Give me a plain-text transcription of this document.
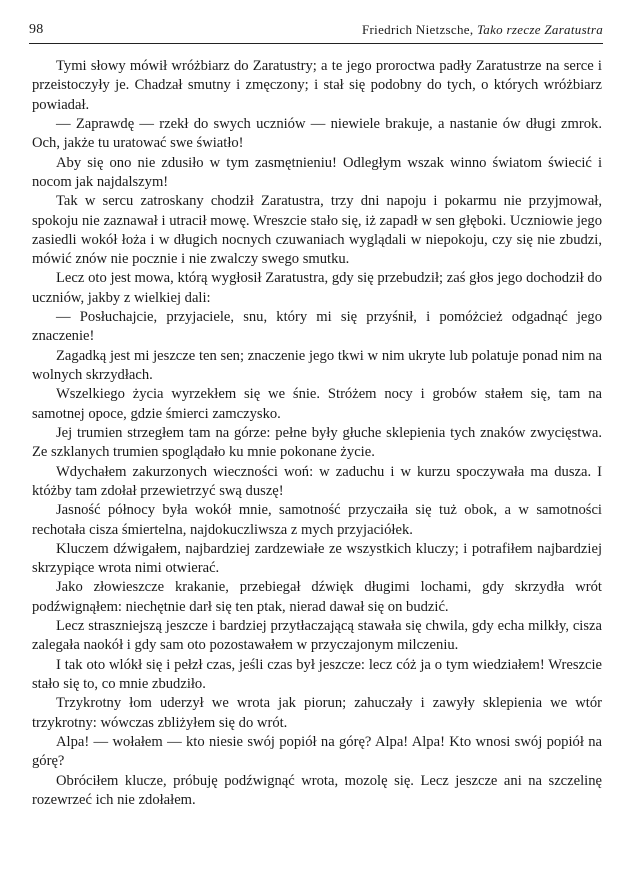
98	Friedrich Nietzsche, Tako rzecze Zaratustra

Tymi słowy mówił wróżbiarz do Zaratustry; a te jego proroctwa padły Zaratustrze na serce i przeistoczyły je. Chadzał smutny i zmęczony; i stał się podobny do tych, o których wróżbiarz powiadał.

— Zaprawdę — rzekł do swych uczniów — niewiele brakuje, a nastanie ów długi zmrok. Och, jakże tu uratować swe światło!

Aby się ono nie zdusiło w tym zasmętnieniu! Odległym wszak winno światom świecić i nocom jak najdalszym!

Tak w sercu zatroskany chodził Zaratustra, trzy dni napoju i pokarmu nie przyjmował, spokoju nie zaznawał i utracił mowę. Wreszcie stało się, iż zapadł w sen głęboki. Uczniowie jego zasiedli wokół łoża i w długich nocnych czuwaniach wyglądali w niepokoju, czy się nie zbudzi, mówić znów nie pocznie i nie zwalczy swego smutku.

Lecz oto jest mowa, którą wygłosił Zaratustra, gdy się przebudził; zaś głos jego dochodził do uczniów, jakby z wielkiej dali:

— Posłuchajcie, przyjaciele, snu, który mi się przyśnił, i pomóżcież odgadnąć jego znaczenie!

Zagadką jest mi jeszcze ten sen; znaczenie jego tkwi w nim ukryte lub polatuje ponad nim na wolnych skrzydłach.

Wszelkiego życia wyrzekłem się we śnie. Stróżem nocy i grobów stałem się, tam na samotnej opoce, gdzie śmierci zamczysko.

Jej trumien strzegłem tam na górze: pełne były głuche sklepienia tych znaków zwycięstwa. Ze szklanych trumien spoglądało ku mnie pokonane życie.

Wdychałem zakurzonych wieczności woń: w zaduchu i w kurzu spoczywała ma dusza. I któżby tam zdołał przewietrzyć swą duszę!

Jasność północy była wokół mnie, samotność przyczaiła się tuż obok, a w samotności rechotała cisza śmiertelna, najdokuczliwsza z mych przyjaciółek.

Kluczem dźwigałem, najbardziej zardzewiałe ze wszystkich kluczy; i potrafiłem najbardziej skrzypiące wrota nimi otwierać.

Jako złowieszcze krakanie, przebiegał dźwięk długimi lochami, gdy skrzydła wrót podźwignąłem: niechętnie darł się ten ptak, nierad dawał się on budzić.

Lecz straszniejszą jeszcze i bardziej przytłaczającą stawała się chwila, gdy echa milkły, cisza zalegała naokół i gdy sam oto pozostawałem w przyczajonym milczeniu.

I tak oto wlókł się i pełzł czas, jeśli czas był jeszcze: lecz cóż ja o tym wiedziałem! Wreszcie stało się to, co mnie zbudziło.

Trzykrotny łom uderzył we wrota jak piorun; zahuczały i zawyły sklepienia we wtór trzykrotny: wówczas zbliżyłem się do wrót.

Alpa! — wołałem — kto niesie swój popiół na górę? Alpa! Alpa! Kto wnosi swój popiół na górę?

Obróciłem klucze, próbuję podźwignąć wrota, mozolę się. Lecz jeszcze ani na szczelinę rozewrzeć ich nie zdołałem.
